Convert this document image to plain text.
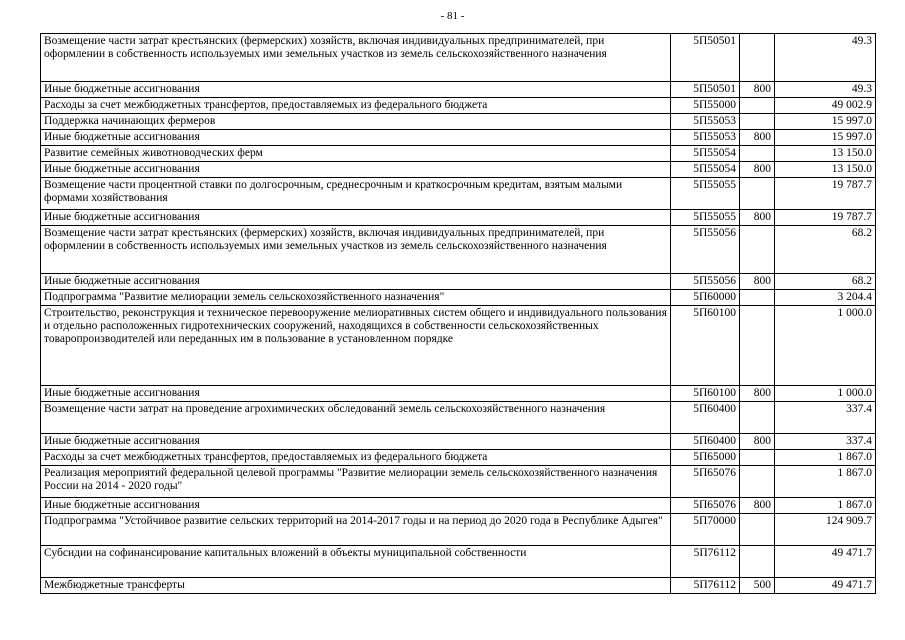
- 81 -
Возмещение части затрат крестьянских (фермерских) хозяйств, включая индивидуальных предпринимателей, при оформлении в собственность используемых ими земельных участков из земель сельскохозяйственного назначения	5П50501		49.3
Иные бюджетные ассигнования	5П50501	800	49.3
Расходы за счет межбюджетных трансфертов, предоставляемых из федерального бюджета	5П55000		49 002.9
Поддержка начинающих фермеров	5П55053		15 997.0
Иные бюджетные ассигнования	5П55053	800	15 997.0
Развитие семейных животноводческих ферм	5П55054		13 150.0
Иные бюджетные ассигнования	5П55054	800	13 150.0
Возмещение части процентной ставки по долгосрочным, среднесрочным и краткосрочным кредитам, взятым малыми формами хозяйствования	5П55055		19 787.7
Иные бюджетные ассигнования	5П55055	800	19 787.7
Возмещение части затрат крестьянских (фермерских) хозяйств, включая индивидуальных предпринимателей, при оформлении в собственность используемых ими земельных участков из земель сельскохозяйственного назначения	5П55056		68.2
Иные бюджетные ассигнования	5П55056	800	68.2
Подпрограмма "Развитие мелиорации земель сельскохозяйственного назначения"	5П60000		3 204.4
Строительство, реконструкция и техническое перевооружение мелиоративных систем общего и индивидуального пользования и отдельно расположенных гидротехнических сооружений, находящихся в собственности сельскохозяйственных товаропроизводителей или переданных им в пользование в установленном порядке	5П60100		1 000.0
Иные бюджетные ассигнования	5П60100	800	1 000.0
Возмещение части затрат на проведение агрохимических обследований земель сельскохозяйственного назначения	5П60400		337.4
Иные бюджетные ассигнования	5П60400	800	337.4
Расходы за счет межбюджетных трансфертов, предоставляемых из федерального бюджета	5П65000		1 867.0
Реализация мероприятий федеральной целевой программы "Развитие мелиорации земель сельскохозяйственного назначения России на 2014 - 2020 годы"	5П65076		1 867.0
Иные бюджетные ассигнования	5П65076	800	1 867.0
Подпрограмма "Устойчивое развитие сельских территорий на 2014-2017 годы и на период до 2020 года в Республике Адыгея"	5П70000		124 909.7
Субсидии на софинансирование капитальных вложений в объекты муниципальной собственности	5П76112		49 471.7
Межбюджетные трансферты	5П76112	500	49 471.7
